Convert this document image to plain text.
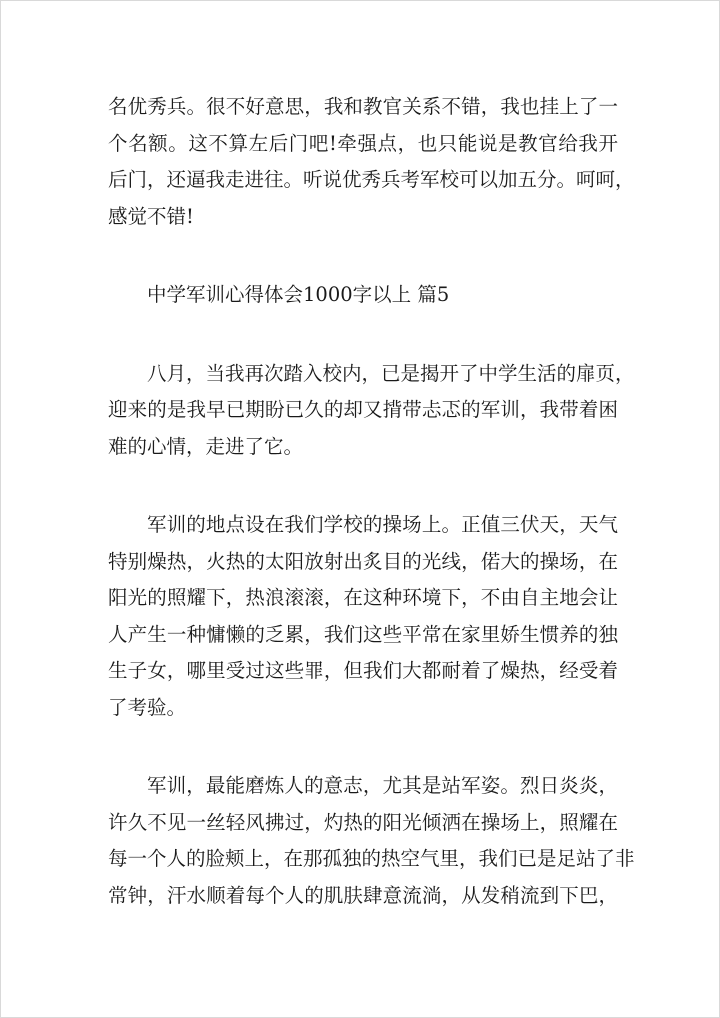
名优秀兵。很不好意思，我和教官关系不错，我也挂上了一
个名额。这不算左后门吧!牵强点，也只能说是教官给我开
后门，还逼我走进往。听说优秀兵考军校可以加五分。呵呵，
感觉不错!
中学军训心得体会1000字以上 篇5
八月，当我再次踏入校内，已是揭开了中学生活的扉页，
迎来的是我早已期盼已久的却又揹带忐忑的军训，我带着困
难的心情，走进了它。
军训的地点设在我们学校的操场上。正值三伏天，天气
特别燥热，火热的太阳放射出炙目的光线，偌大的操场，在
阳光的照耀下，热浪滚滚，在这种环境下，不由自主地会让
人产生一种慵懒的乏累，我们这些平常在家里娇生惯养的独
生子女，哪里受过这些罪，但我们大都耐着了燥热，经受着
了考验。
军训，最能磨炼人的意志，尤其是站军姿。烈日炎炎，
许久不见一丝轻风拂过，灼热的阳光倾洒在操场上，照耀在
每一个人的脸颊上，在那孤独的热空气里，我们已是足站了非
常钟，汗水顺着每个人的肌肤肆意流淌，从发稍流到下巴，
